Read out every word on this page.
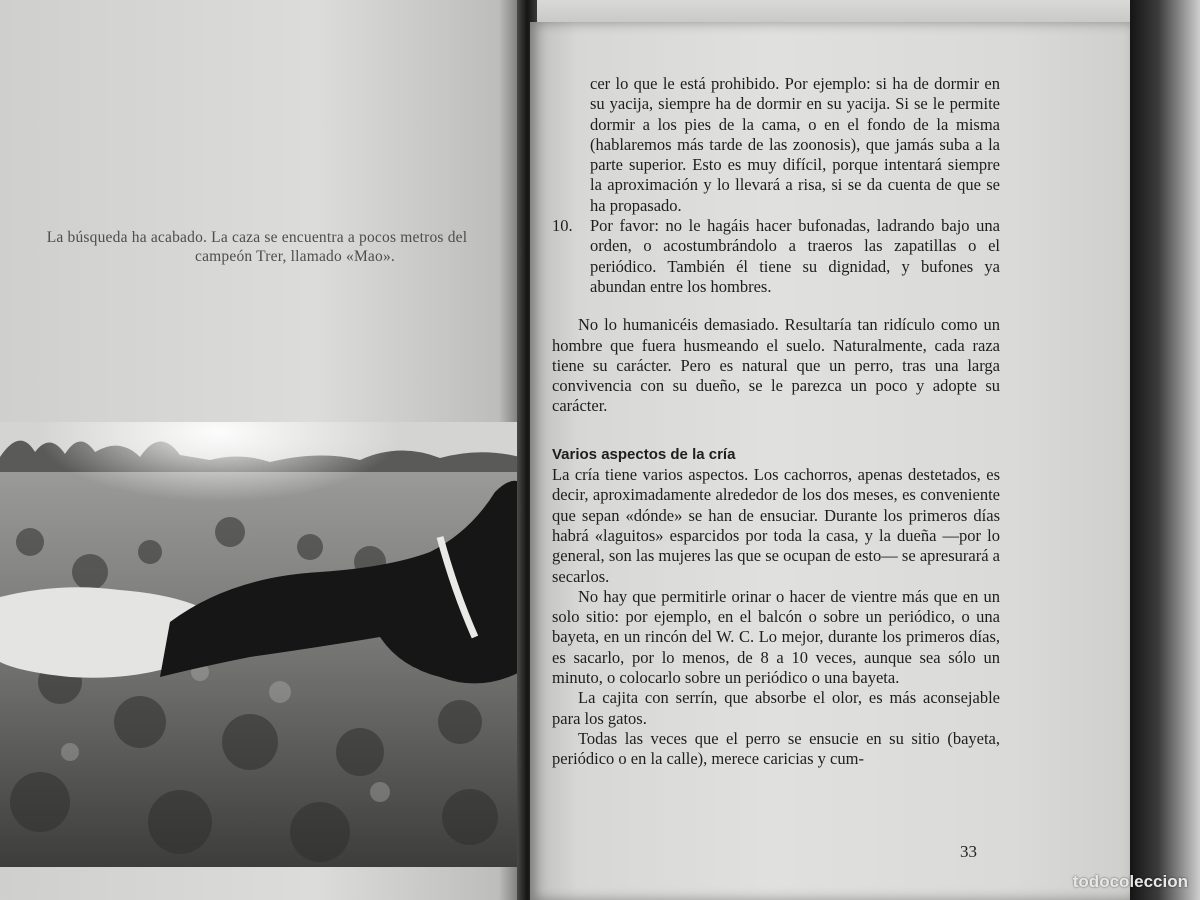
La búsqueda ha acabado. La caza se encuentra a pocos metros del
campeón Trer, llamado «Mao».

cer lo que le está prohibido. Por ejemplo: si ha de dormir en su yacija, siempre ha de dormir en su yacija. Si se le permite dormir a los pies de la cama, o en el fondo de la misma (hablaremos más tarde de las zoonosis), que jamás suba a la parte superior. Esto es muy difícil, porque intentará siempre la aproximación y lo llevará a risa, si se da cuenta de que se ha propasado.

10. Por favor: no le hagáis hacer bufonadas, ladrando bajo una orden, o acostumbrándolo a traeros las zapatillas o el periódico. También él tiene su dignidad, y bufones ya abundan entre los hombres.

No lo humanicéis demasiado. Resultaría tan ridículo como un hombre que fuera husmeando el suelo. Naturalmente, cada raza tiene su carácter. Pero es natural que un perro, tras una larga convivencia con su dueño, se le parezca un poco y adopte su carácter.

Varios aspectos de la cría

La cría tiene varios aspectos. Los cachorros, apenas destetados, es decir, aproximadamente alrededor de los dos meses, es conveniente que sepan «dónde» se han de ensuciar. Durante los primeros días habrá «laguitos» esparcidos por toda la casa, y la dueña —por lo general, son las mujeres las que se ocupan de esto— se apresurará a secarlos.

No hay que permitirle orinar o hacer de vientre más que en un solo sitio: por ejemplo, en el balcón o sobre un periódico, o una bayeta, en un rincón del W. C. Lo mejor, durante los primeros días, es sacarlo, por lo menos, de 8 a 10 veces, aunque sea sólo un minuto, o colocarlo sobre un periódico o una bayeta.

La cajita con serrín, que absorbe el olor, es más aconsejable para los gatos.

Todas las veces que el perro se ensucie en su sitio (bayeta, periódico o en la calle), merece caricias y cum-

33
todocoleccion
